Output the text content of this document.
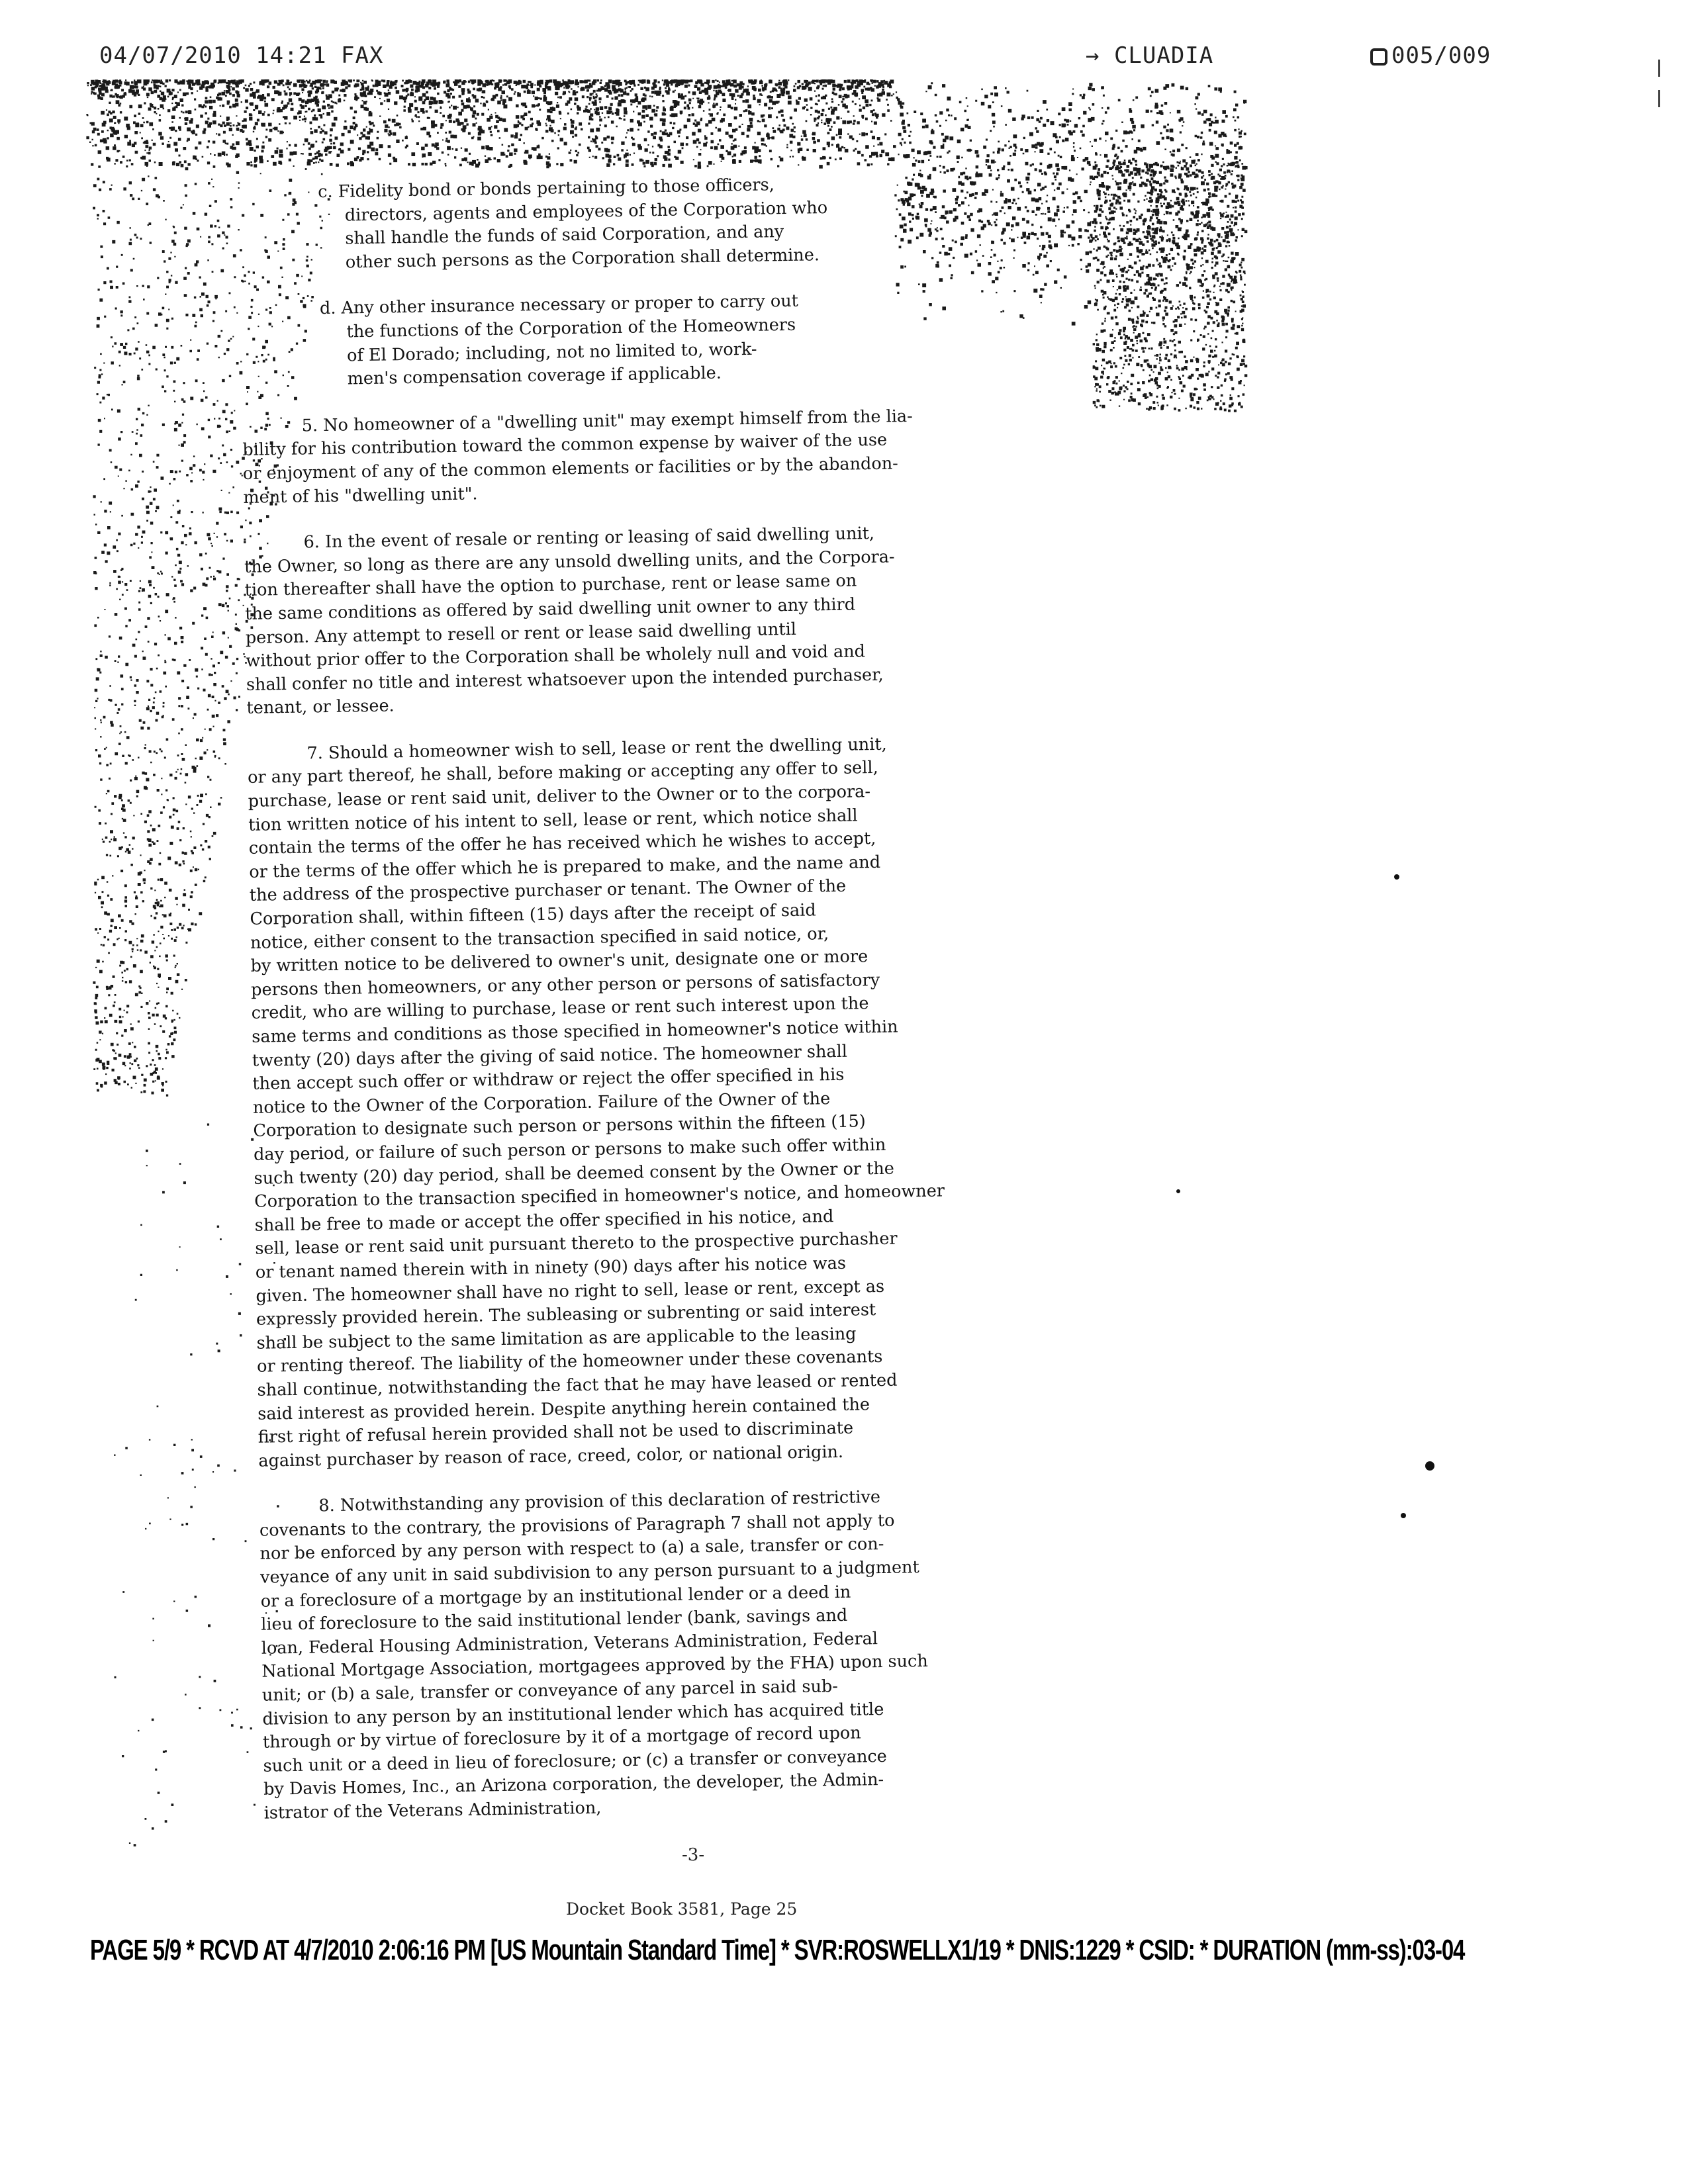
04/07/2010 14:21 FAX	→ CLUADIA	005/009
c. Fidelity bond or bonds pertaining to those officers,
directors, agents and employees of the Corporation who
shall handle the funds of said Corporation, and any
other such persons as the Corporation shall determine.
d. Any other insurance necessary or proper to carry out
the functions of the Corporation of the Homeowners
of El Dorado; including, not no limited to, work-
men's compensation coverage if applicable.
5. No homeowner of a "dwelling unit" may exempt himself from the lia-
bility for his contribution toward the common expense by waiver of the use
or enjoyment of any of the common elements or facilities or by the abandon-
ment of his "dwelling unit".
6. In the event of resale or renting or leasing of said dwelling unit,
the Owner, so long as there are any unsold dwelling units, and the Corpora-
tion thereafter shall have the option to purchase, rent or lease same on
the same conditions as offered by said dwelling unit owner to any third
person. Any attempt to resell or rent or lease said dwelling until
without prior offer to the Corporation shall be wholely null and void and
shall confer no title and interest whatsoever upon the intended purchaser,
tenant, or lessee.
7. Should a homeowner wish to sell, lease or rent the dwelling unit,
or any part thereof, he shall, before making or accepting any offer to sell,
purchase, lease or rent said unit, deliver to the Owner or to the corpora-
tion written notice of his intent to sell, lease or rent, which notice shall
contain the terms of the offer he has received which he wishes to accept,
or the terms of the offer which he is prepared to make, and the name and
the address of the prospective purchaser or tenant. The Owner of the
Corporation shall, within fifteen (15) days after the receipt of said
notice, either consent to the transaction specified in said notice, or,
by written notice to be delivered to owner's unit, designate one or more
persons then homeowners, or any other person or persons of satisfactory
credit, who are willing to purchase, lease or rent such interest upon the
same terms and conditions as those specified in homeowner's notice within
twenty (20) days after the giving of said notice. The homeowner shall
then accept such offer or withdraw or reject the offer specified in his
notice to the Owner of the Corporation. Failure of the Owner of the
Corporation to designate such person or persons within the fifteen (15)
day period, or failure of such person or persons to make such offer within
such twenty (20) day period, shall be deemed consent by the Owner or the
Corporation to the transaction specified in homeowner's notice, and homeowner
shall be free to made or accept the offer specified in his notice, and
sell, lease or rent said unit pursuant thereto to the prospective purchasher
or tenant named therein with in ninety (90) days after his notice was
given. The homeowner shall have no right to sell, lease or rent, except as
expressly provided herein. The subleasing or subrenting or said interest
shall be subject to the same limitation as are applicable to the leasing
or renting thereof. The liability of the homeowner under these covenants
shall continue, notwithstanding the fact that he may have leased or rented
said interest as provided herein. Despite anything herein contained the
first right of refusal herein provided shall not be used to discriminate
against purchaser by reason of race, creed, color, or national origin.
8. Notwithstanding any provision of this declaration of restrictive
covenants to the contrary, the provisions of Paragraph 7 shall not apply to
nor be enforced by any person with respect to (a) a sale, transfer or con-
veyance of any unit in said subdivision to any person pursuant to a judgment
or a foreclosure of a mortgage by an institutional lender or a deed in
lieu of foreclosure to the said institutional lender (bank, savings and
loan, Federal Housing Administration, Veterans Administration, Federal
National Mortgage Association, mortgagees approved by the FHA) upon such
unit; or (b) a sale, transfer or conveyance of any parcel in said sub-
division to any person by an institutional lender which has acquired title
through or by virtue of foreclosure by it of a mortgage of record upon
such unit or a deed in lieu of foreclosure; or (c) a transfer or conveyance
by Davis Homes, Inc., an Arizona corporation, the developer, the Admin-
istrator of the Veterans Administration,
-3-
Docket Book 3581, Page 25
PAGE 5/9 * RCVD AT 4/7/2010 2:06:16 PM [US Mountain Standard Time] * SVR:ROSWELLX1/19 * DNIS:1229 * CSID: * DURATION (mm-ss):03-04
